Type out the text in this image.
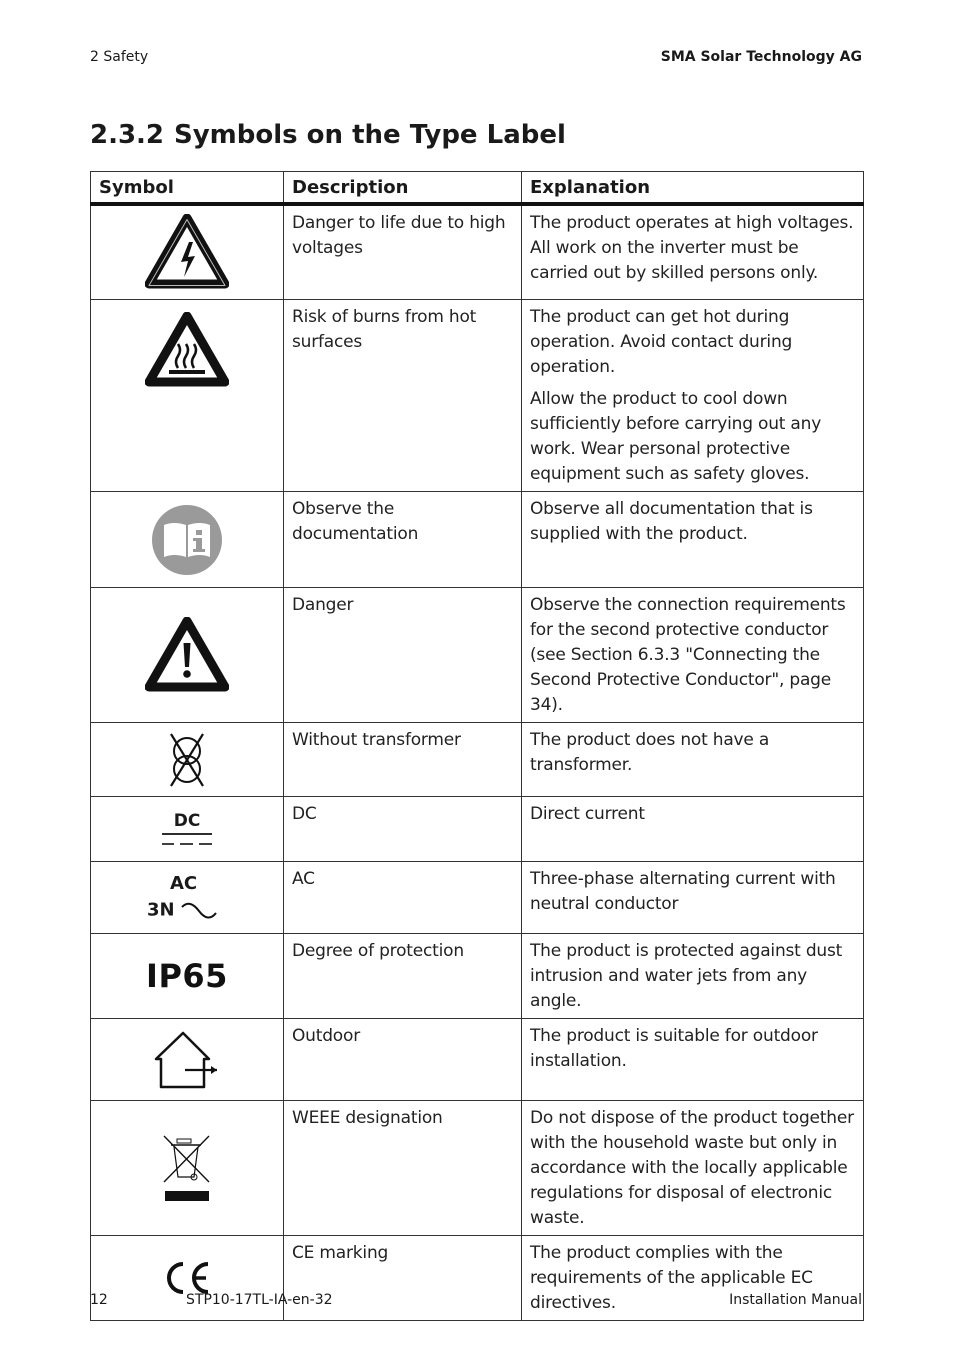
2 Safety	SMA Solar Technology AG
2.3.2 Symbols on the Type Label
Symbol	Description	Explanation

	Danger to life due to high voltages	The product operates at high voltages. All work on the inverter must be carried out by skilled persons only.

	Risk of burns from hot surfaces	The product can get hot during operation. Avoid contact during operation.
Allow the product to cool down sufficiently before carrying out any work. Wear personal protective equipment such as safety gloves.

	Observe the documentation	Observe all documentation that is supplied with the product.

	Danger	Observe the connection requirements for the second protective conductor (see Section 6.3.3 "Connecting the Second Protective Conductor", page 34).

	Without transformer	The product does not have a transformer.

DC	DC	Direct current

AC
3N	AC	Three-phase alternating current with neutral conductor
IP65	Degree of protection	The product is protected against dust intrusion and water jets from any angle.

	Outdoor	The product is suitable for outdoor installation.

	WEEE designation	Do not dispose of the product together with the household waste but only in accordance with the locally applicable regulations for disposal of electronic waste.

	CE marking	The product complies with the requirements of the applicable EC directives.
12	STP10-17TL-IA-en-32	Installation Manual
